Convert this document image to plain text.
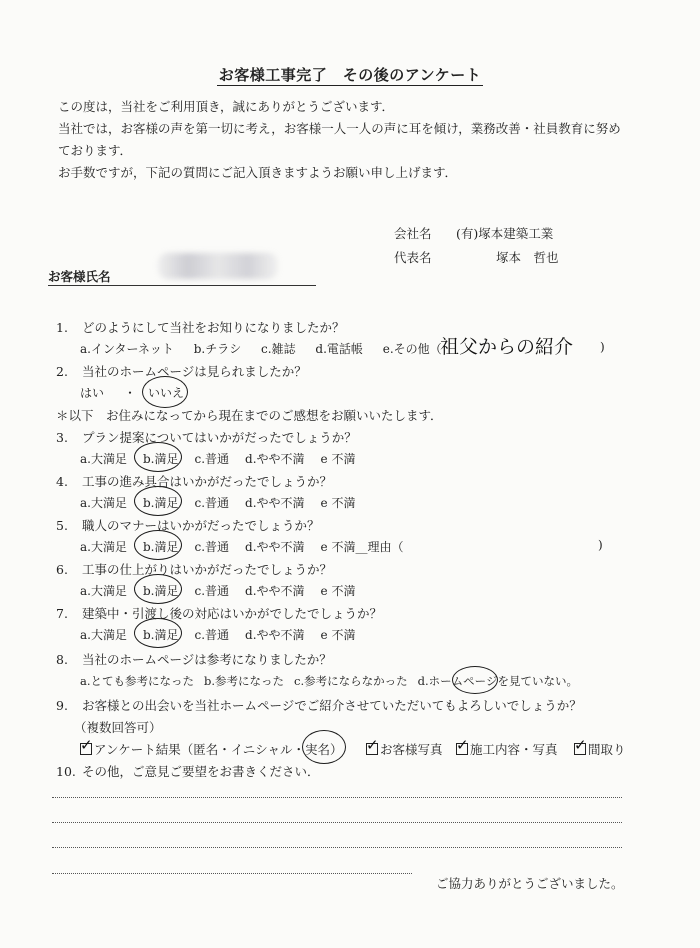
お客様工事完了　その後のアンケート
この度は，当社をご利用頂き，誠にありがとうございます．
当社では，お客様の声を第一切に考え，お客様一人一人の声に耳を傾け，業務改善・社員教育に努め
ております．
お手数ですが，下記の質問にご記入頂きますようお願い申し上げます．
会社名 (有)塚本建築工業
代表名	塚本　哲也
お客様氏名
1. どのようにして当社をお知りになりましたか？
a.インターネット b.チラシ c.雑誌 d.電話帳 e.その他（
祖父からの紹介 )
2. 当社のホームページは見られましたか？
はい ・ いいえ
＊以下　お住みになってから現在までのご感想をお願いいたします．
3. プラン提案についてはいかがだったでしょうか？
a.大満足 b.満足 c.普通 d.やや不満 e 不満
4. 工事の進み具合はいかがだったでしょうか？
a.大満足 b.満足 c.普通 d.やや不満 e 不満
5. 職人のマナーはいかがだったでしょうか？
a.大満足 b.満足 c.普通 d.やや不満 e 不満__理由（	)
6. 工事の仕上がりはいかがだったでしょうか？
a.大満足 b.満足 c.普通 d.やや不満 e 不満
7. 建築中・引渡し後の対応はいかがでしたでしょうか？
a.大満足 b.満足 c.普通 d.やや不満 e 不満
8. 当社のホームページは参考になりましたか？
a.とても参考になった b.参考になった c.参考にならなかった d.ホームページを見ていない。
9. お客様との出会いを当社ホームページでご紹介させていただいてもよろしいでしょうか？
（複数回答可）
✓アンケート結果（匿名・イニシャル・実名） ✓	お客様写真 ✓	施工内容・写真 ✓	間取り
10. その他，ご意見ご要望をお書きください．
ご協力ありがとうございました。
